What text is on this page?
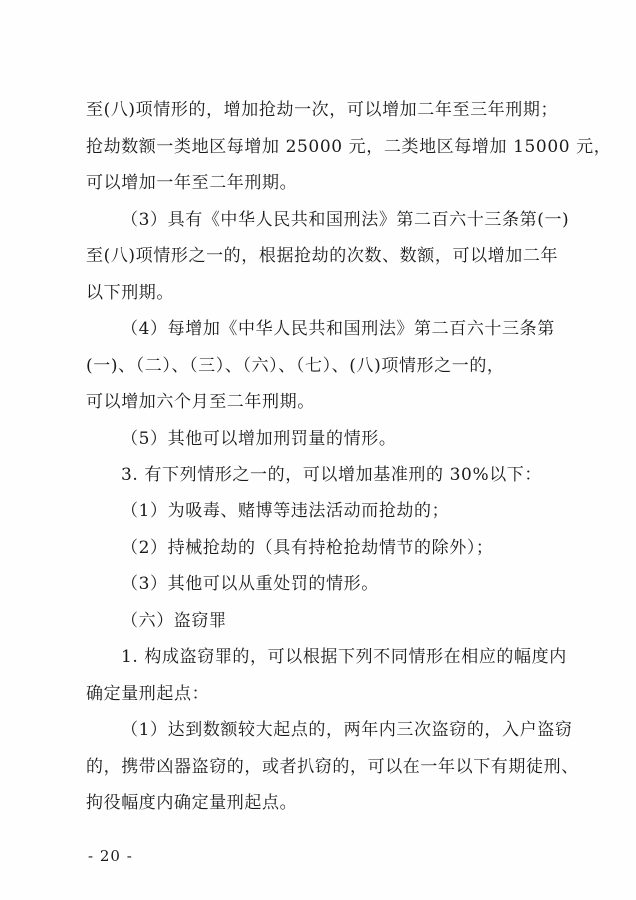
至(八)项情形的，增加抢劫一次，可以增加二年至三年刑期；
抢劫数额一类地区每增加 25000 元，二类地区每增加 15000 元，
可以增加一年至二年刑期。
（3）具有《中华人民共和国刑法》第二百六十三条第(一)
至(八)项情形之一的，根据抢劫的次数、数额，可以增加二年
以下刑期。
（4）每增加《中华人民共和国刑法》第二百六十三条第
(一)、（二）、（三）、（六）、（七）、(八)项情形之一的，
可以增加六个月至二年刑期。
（5）其他可以增加刑罚量的情形。
3. 有下列情形之一的，可以增加基准刑的 30%以下：
（1）为吸毒、赌博等违法活动而抢劫的；
（2）持械抢劫的（具有持枪抢劫情节的除外）；
（3）其他可以从重处罚的情形。
（六）盗窃罪
1. 构成盗窃罪的，可以根据下列不同情形在相应的幅度内
确定量刑起点：
（1）达到数额较大起点的，两年内三次盗窃的，入户盗窃
的，携带凶器盗窃的，或者扒窃的，可以在一年以下有期徒刑、
拘役幅度内确定量刑起点。
- 20 -
